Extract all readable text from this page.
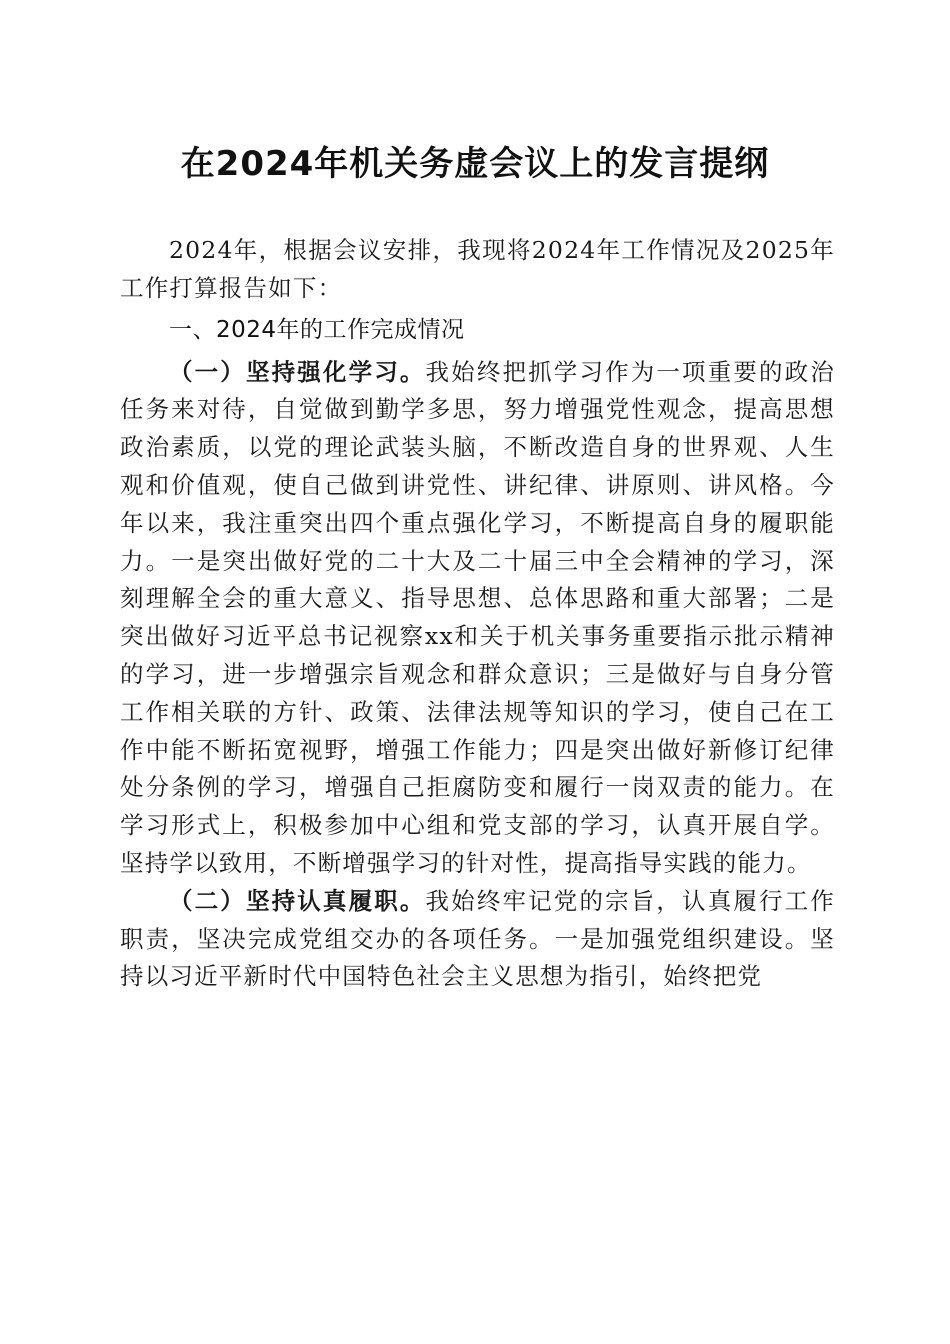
在2024年机关务虚会议上的发言提纲

2024年，根据会议安排，我现将2024年工作情况及2025年工作打算报告如下：

一、2024年的工作完成情况

（一）坚持强化学习。我始终把抓学习作为一项重要的政治任务来对待，自觉做到勤学多思，努力增强党性观念，提高思想政治素质，以党的理论武装头脑，不断改造自身的世界观、人生观和价值观，使自己做到讲党性、讲纪律、讲原则、讲风格。今年以来，我注重突出四个重点强化学习，不断提高自身的履职能力。一是突出做好党的二十大及二十届三中全会精神的学习，深刻理解全会的重大意义、指导思想、总体思路和重大部署；二是突出做好习近平总书记视察xx和关于机关事务重要指示批示精神的学习，进一步增强宗旨观念和群众意识；三是做好与自身分管工作相关联的方针、政策、法律法规等知识的学习，使自己在工作中能不断拓宽视野，增强工作能力；四是突出做好新修订纪律处分条例的学习，增强自己拒腐防变和履行一岗双责的能力。在学习形式上，积极参加中心组和党支部的学习，认真开展自学。坚持学以致用，不断增强学习的针对性，提高指导实践的能力。

（二）坚持认真履职。我始终牢记党的宗旨，认真履行工作职责，坚决完成党组交办的各项任务。一是加强党组织建设。坚持以习近平新时代中国特色社会主义思想为指引，始终把党
